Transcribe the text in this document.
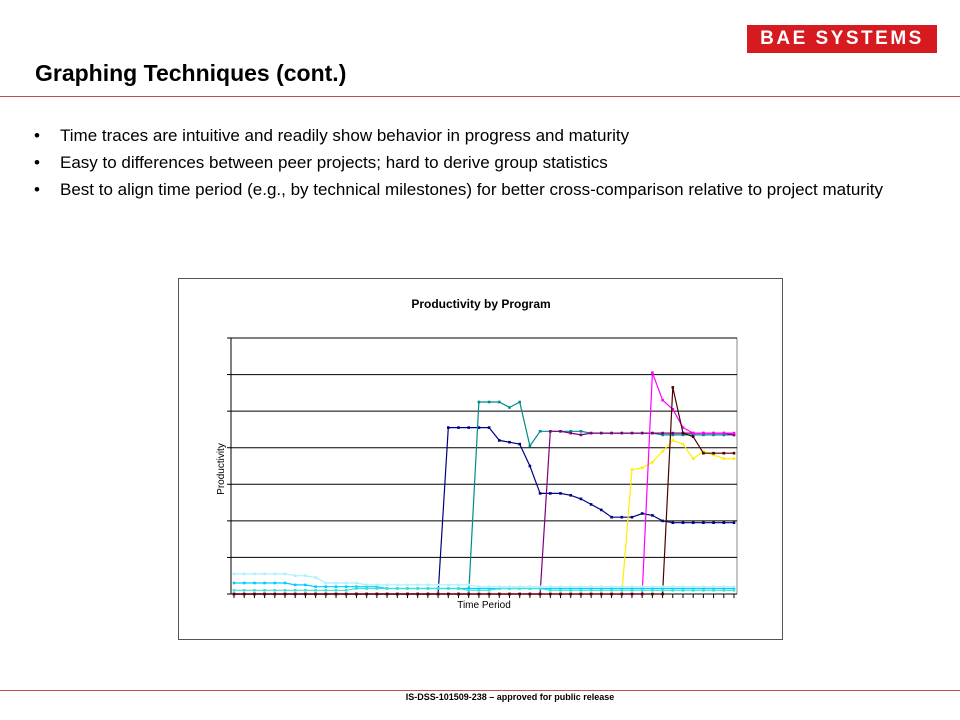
BAE SYSTEMS
Graphing Techniques (cont.)
• Time traces are intuitive and readily show behavior in progress and maturity
• Easy to differences between peer projects; hard to derive group statistics
• Best to align time period (e.g., by technical milestones) for better cross-comparison relative to project maturity
Productivity by Program
Time Period
Productivity
IS-DSS-101509-238 – approved for public release
